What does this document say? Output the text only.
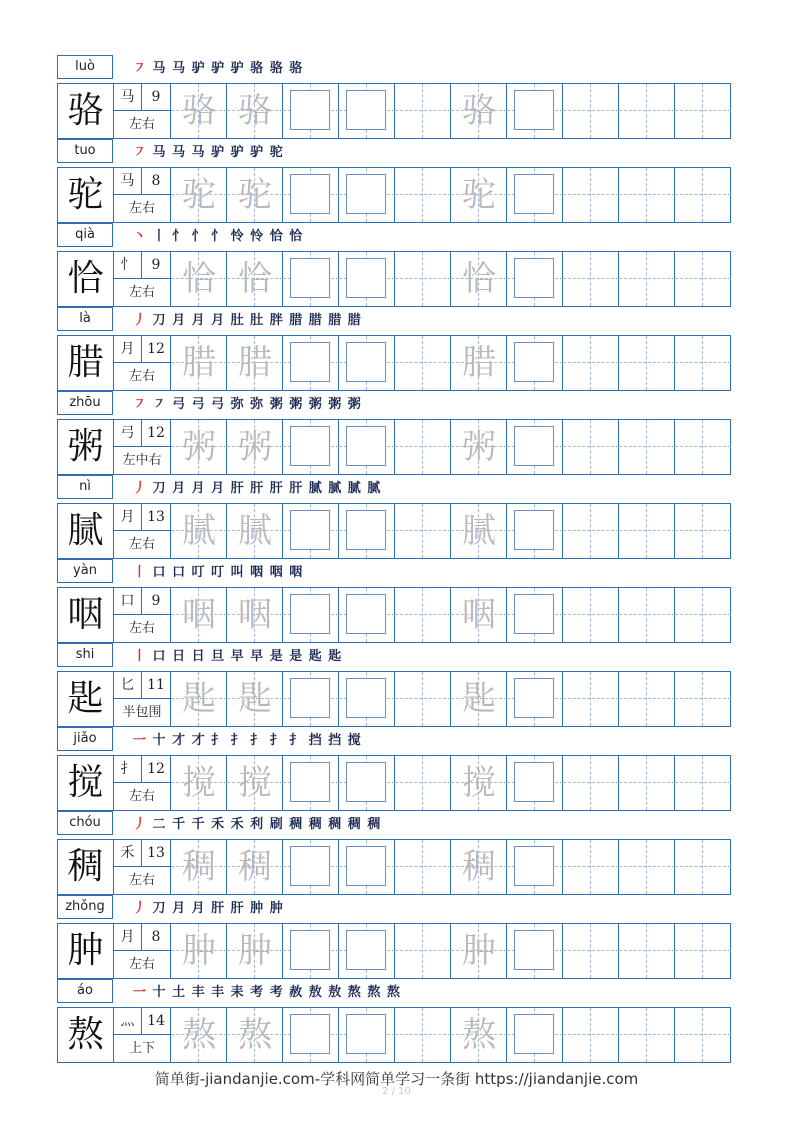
luò	㇇ 马 马 驴 驴 驴 骆 骆 骆
骆	马	9
左右 骆 骆	骆
tuo	㇇ 马 马 马 驴 驴 驴 驼
驼	马	8
左右 驼 驼	驼
qià	丶 丨 忄 忄 忄 怜 怜 恰 恰
恰	忄	9
左右 恰 恰	恰
là	丿 刀 月 月 月 肚 肚 胖 腊 腊 腊 腊
腊	月 12
左右 腊 腊	腊
zhōu	㇇ ㇇ 弓 弓 弓 弥 弥 粥 粥 粥 粥 粥
粥	弓 12
左中右 粥 粥	粥
nì	丿 刀 月 月 月 肝 肝 肝 肝 腻 腻 腻 腻
腻	月 13
左右 腻 腻	腻
yàn	丨 口 口 叮 叮 叫 咽 咽 咽
咽	口	9
左右 咽 咽	咽
shi	丨 口 日 日 旦 早 早 是 是 匙 匙
匙	匕 11
半包围 匙 匙	匙
jiǎo	一 十 才 才 扌 扌 扌 扌 扌 挡 挡 搅
搅	扌 12
左右 搅 搅	搅
chóu	丿 二 千 千 禾 禾 利 刷 稠 稠 稠 稠 稠
稠	禾 13
左右 稠 稠	稠
zhǒng	丿 刀 月 月 肝 肝 肿 肿
肿	月	8
左右 肿 肿	肿
áo	一 十 土 丰 丰 耒 考 考 赦 敖 敖 熬 熬 熬
熬	灬 14
上下 熬 熬	熬
简单街-jiandanjie.com-学科网简单学习一条街 https://jiandanjie.com
2 / 10
